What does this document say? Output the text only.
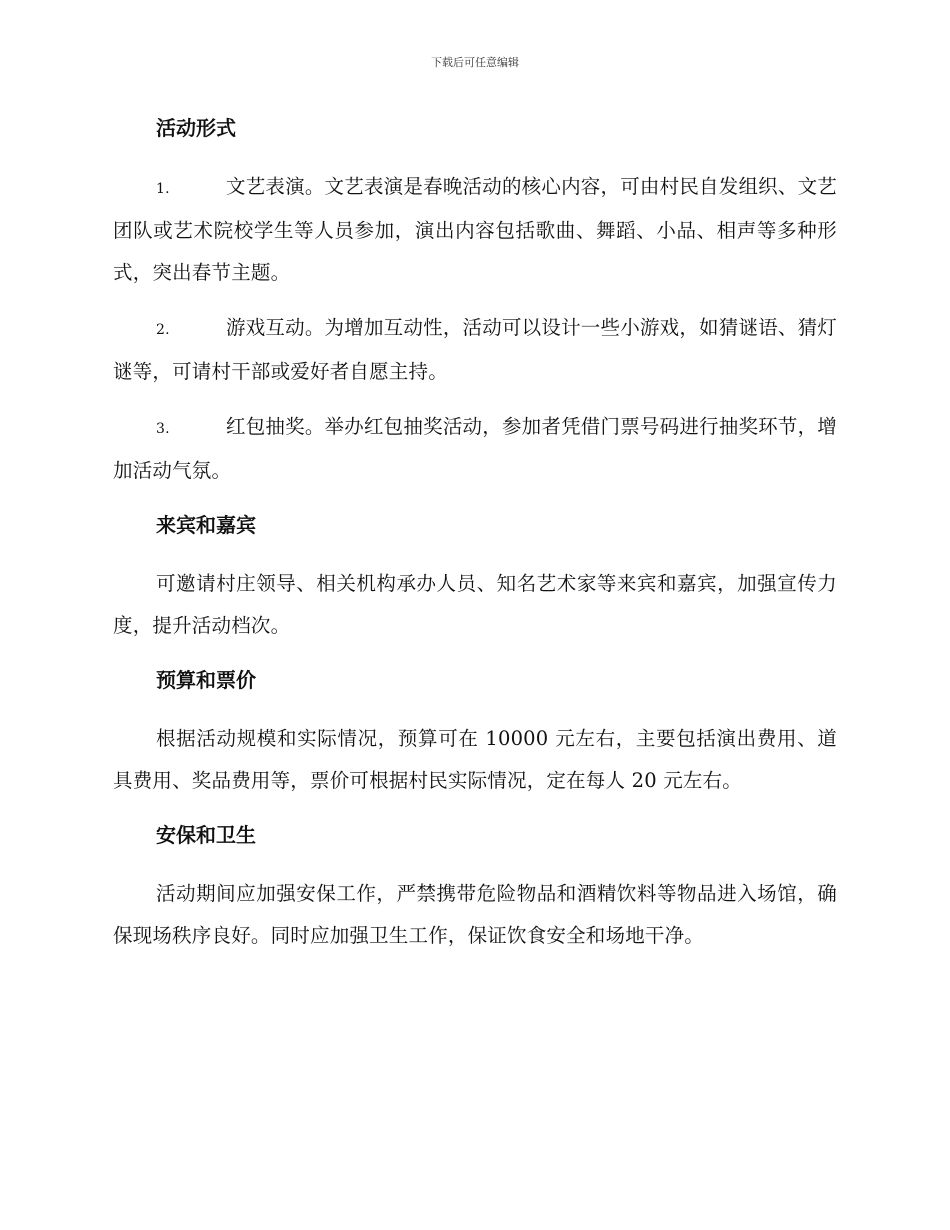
下载后可任意编辑
活动形式

1.	文艺表演。文艺表演是春晚活动的核心内容，可由村民自发组织、文艺团队或艺术院校学生等人员参加，演出内容包括歌曲、舞蹈、小品、相声等多种形式，突出春节主题。

2.	游戏互动。为增加互动性，活动可以设计一些小游戏，如猜谜语、猜灯谜等，可请村干部或爱好者自愿主持。

3.	红包抽奖。举办红包抽奖活动，参加者凭借门票号码进行抽奖环节，增加活动气氛。

来宾和嘉宾

可邀请村庄领导、相关机构承办人员、知名艺术家等来宾和嘉宾，加强宣传力度，提升活动档次。

预算和票价

根据活动规模和实际情况，预算可在 10000 元左右，主要包括演出费用、道具费用、奖品费用等，票价可根据村民实际情况，定在每人 20 元左右。

安保和卫生

活动期间应加强安保工作，严禁携带危险物品和酒精饮料等物品进入场馆，确保现场秩序良好。同时应加强卫生工作，保证饮食安全和场地干净。
